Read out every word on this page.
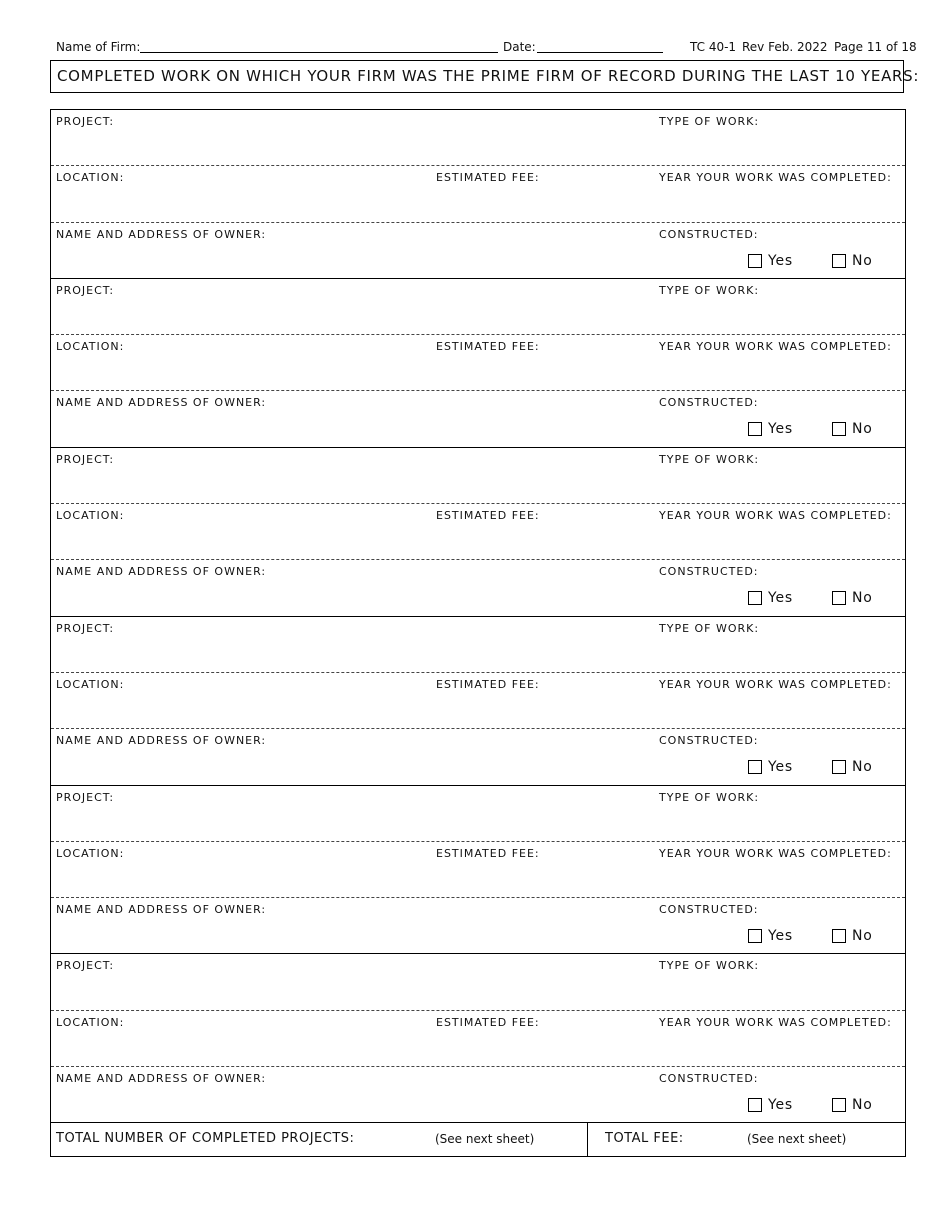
Name of Firm:	Date:	TC 40-1 Rev Feb. 2022 Page 11 of 18
COMPLETED WORK ON WHICH YOUR FIRM WAS THE PRIME FIRM OF RECORD DURING THE LAST 10 YEARS:
PROJECT:	TYPE OF WORK:
LOCATION:	ESTIMATED FEE:	YEAR YOUR WORK WAS COMPLETED:
NAME AND ADDRESS OF OWNER:	CONSTRUCTED:
Yes	No
PROJECT:	TYPE OF WORK:
LOCATION:	ESTIMATED FEE:	YEAR YOUR WORK WAS COMPLETED:
NAME AND ADDRESS OF OWNER:	CONSTRUCTED:
Yes	No
PROJECT:	TYPE OF WORK:
LOCATION:	ESTIMATED FEE:	YEAR YOUR WORK WAS COMPLETED:
NAME AND ADDRESS OF OWNER:	CONSTRUCTED:
Yes	No
PROJECT:	TYPE OF WORK:
LOCATION:	ESTIMATED FEE:	YEAR YOUR WORK WAS COMPLETED:
NAME AND ADDRESS OF OWNER:	CONSTRUCTED:
Yes	No
PROJECT:	TYPE OF WORK:
LOCATION:	ESTIMATED FEE:	YEAR YOUR WORK WAS COMPLETED:
NAME AND ADDRESS OF OWNER:	CONSTRUCTED:
Yes	No
PROJECT:	TYPE OF WORK:
LOCATION:	ESTIMATED FEE:	YEAR YOUR WORK WAS COMPLETED:
NAME AND ADDRESS OF OWNER:	CONSTRUCTED:
Yes	No
TOTAL NUMBER OF COMPLETED PROJECTS:	(See next sheet)	TOTAL FEE:	(See next sheet)
